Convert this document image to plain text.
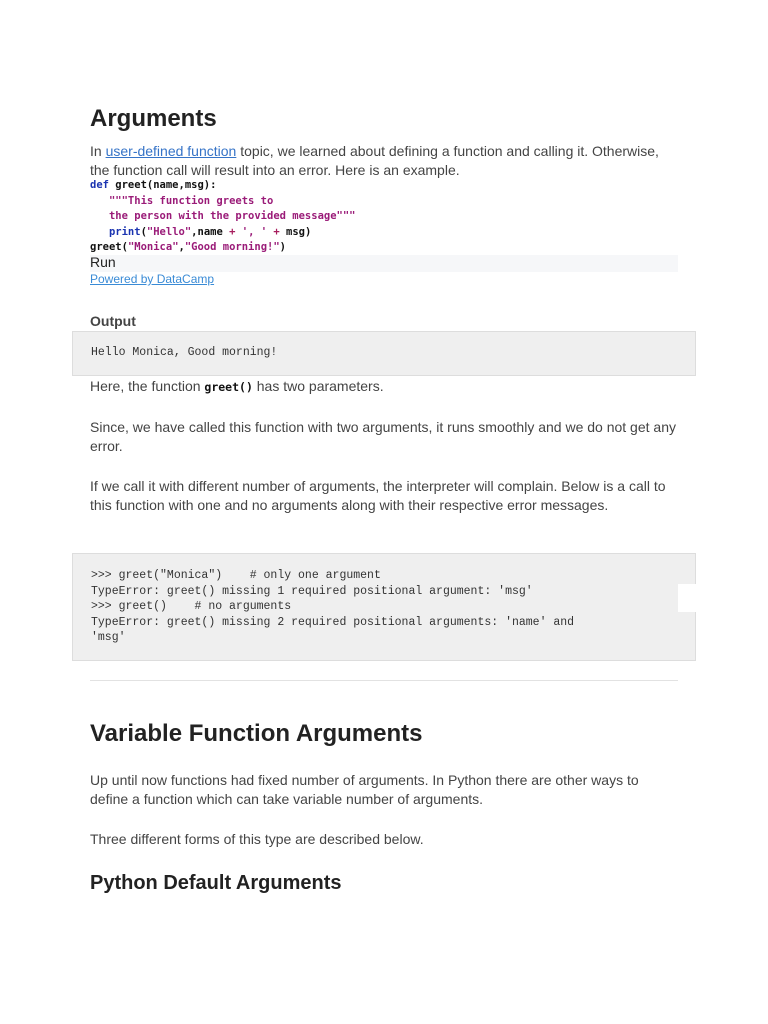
Arguments

In user-defined function topic, we learned about defining a function and calling it. Otherwise, the function call will result into an error. Here is an example.

def greet(name,msg):
"""This function greets to
the person with the provided message"""
print("Hello",name + ', ' + msg)
greet("Monica","Good morning!")
Run
Powered by DataCamp
Output
Hello Monica, Good morning!

Here, the function greet() has two parameters.

Since, we have called this function with two arguments, it runs smoothly and we do not get any error.

If we call it with different number of arguments, the interpreter will complain. Below is a call to this function with one and no arguments along with their respective error messages.

>>> greet("Monica")    # only one argument
TypeError: greet() missing 1 required positional argument: 'msg'
>>> greet()    # no arguments
TypeError: greet() missing 2 required positional arguments: 'name' and
'msg'
Variable Function Arguments

Up until now functions had fixed number of arguments. In Python there are other ways to define a function which can take variable number of arguments.

Three different forms of this type are described below.

Python Default Arguments
